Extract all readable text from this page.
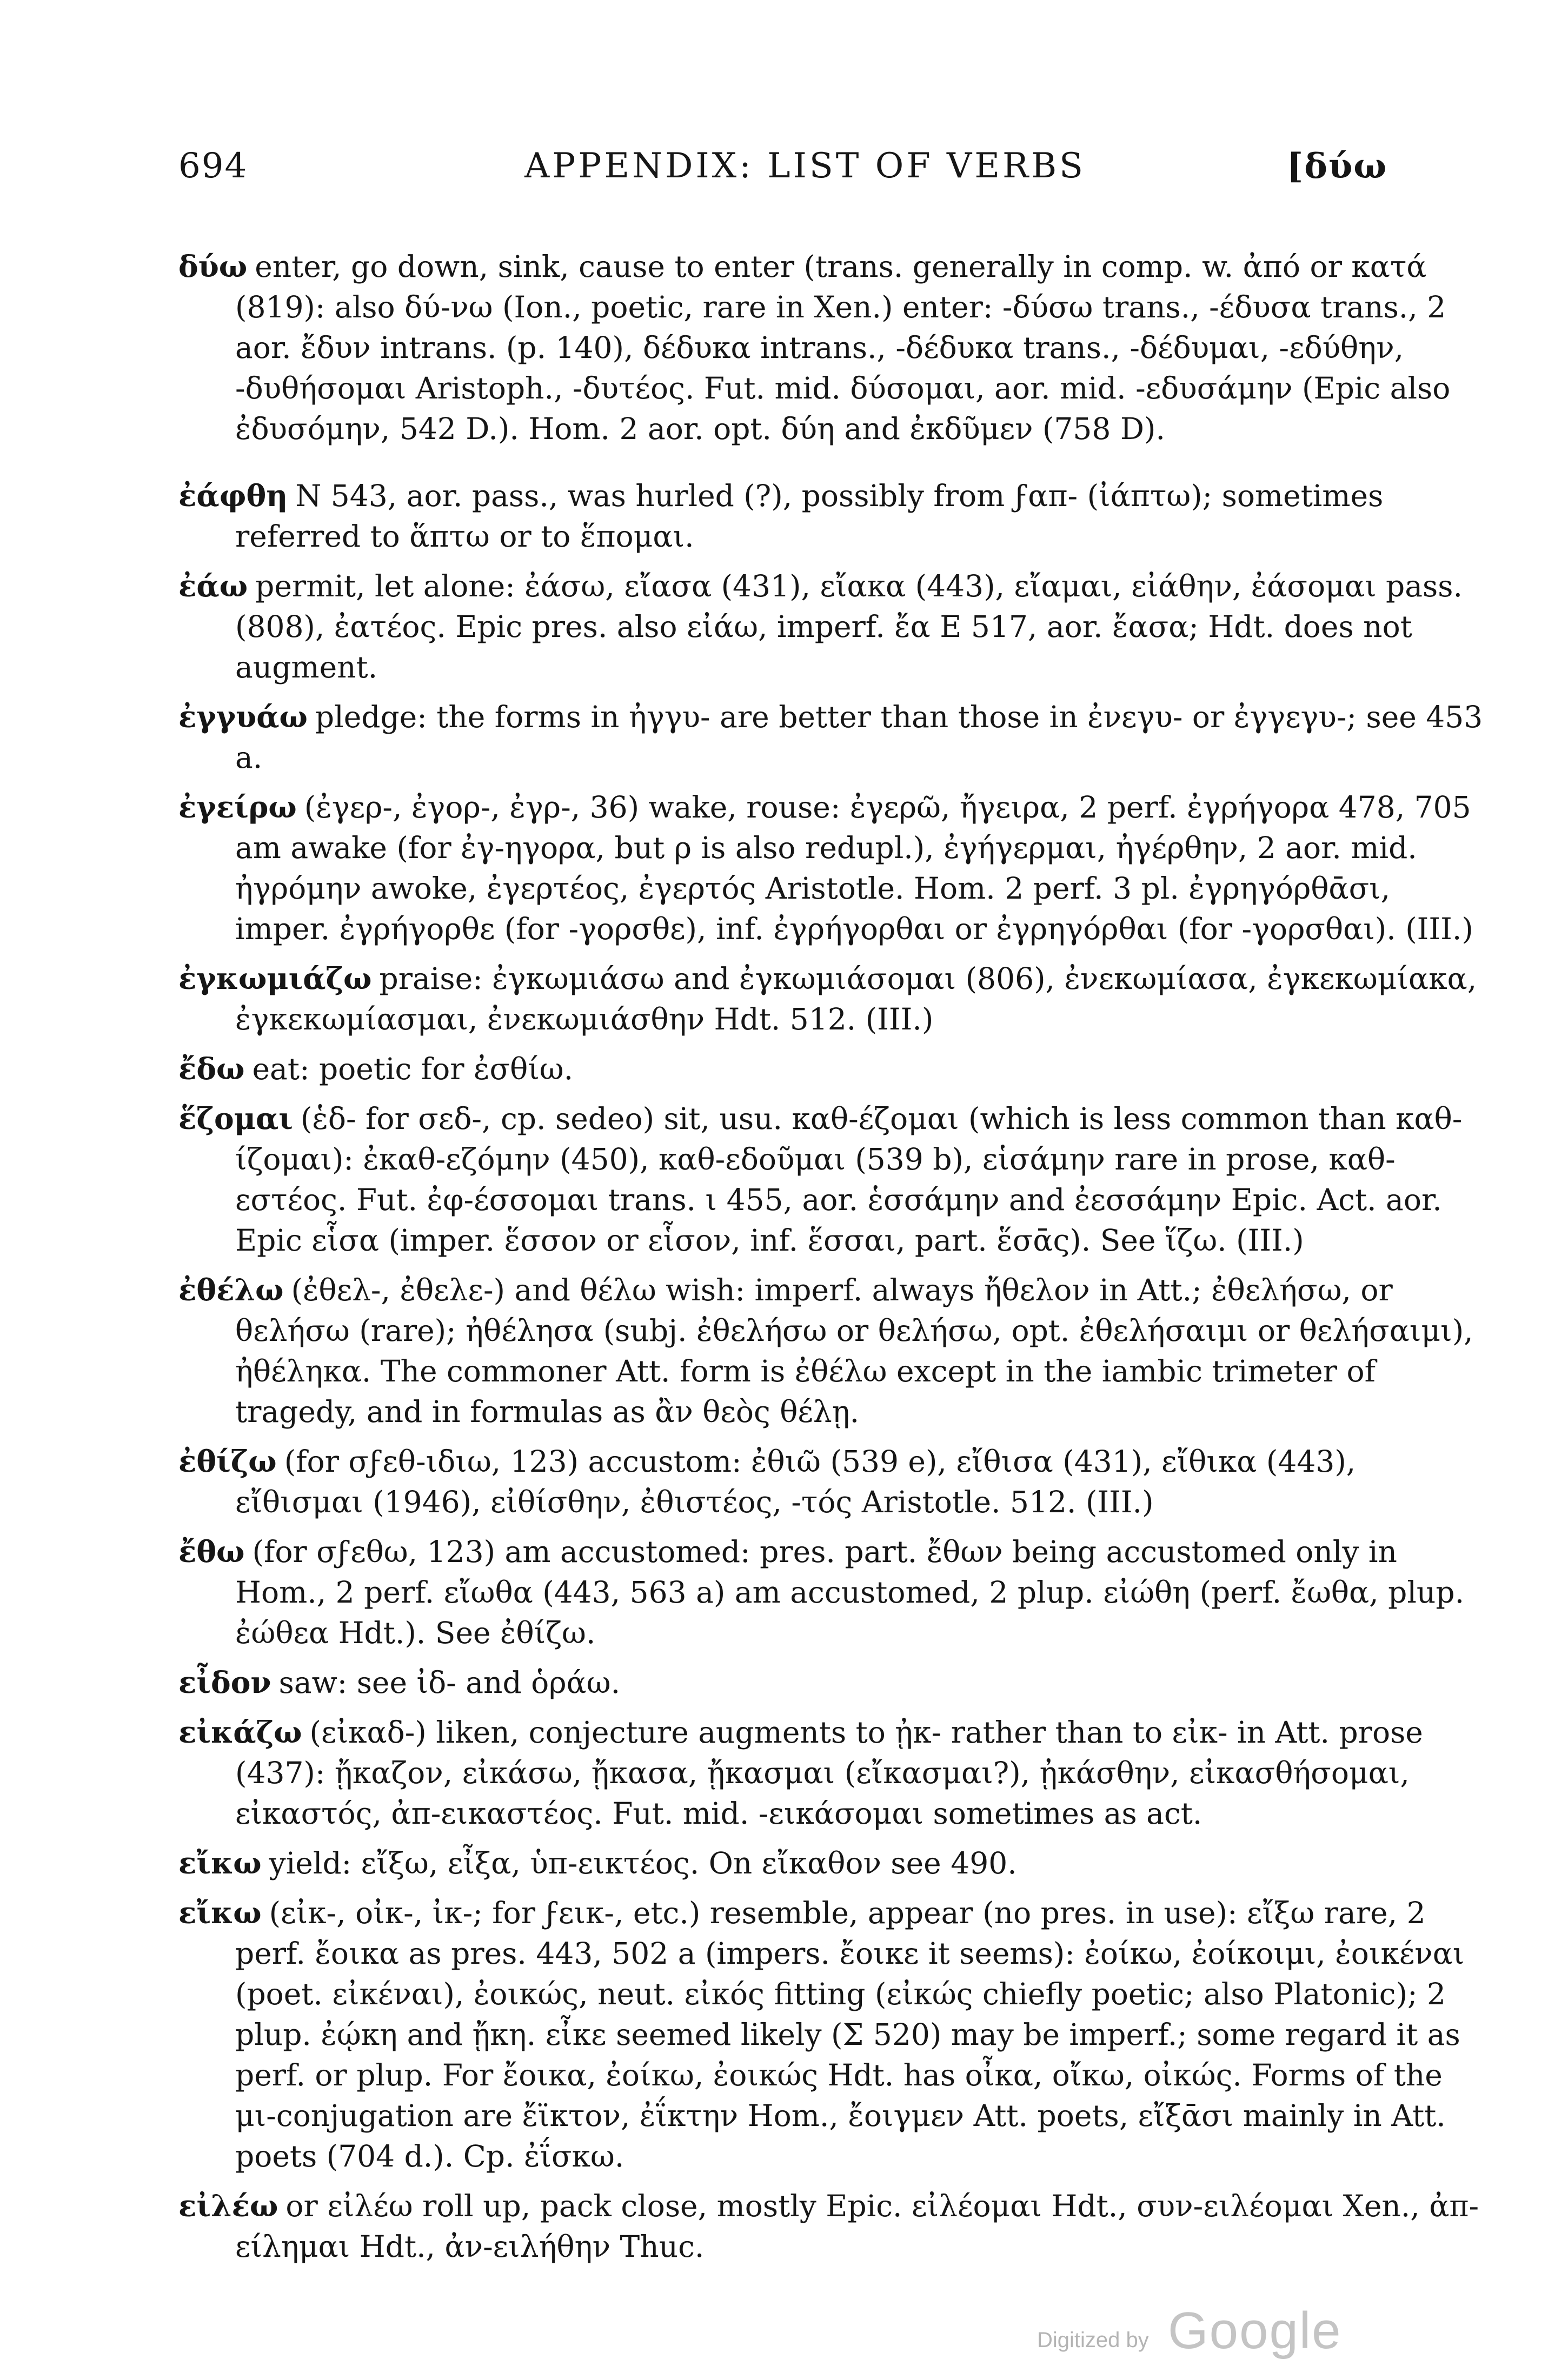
694	APPENDIX: LIST OF VERBS	[δύω

δύω enter, go down, sink, cause to enter (trans. generally in comp. w. ἀπό or κατά (819): also δύ-νω (Ion., poetic, rare in Xen.) enter: -δύσω trans., -έδυσα trans., 2 aor. ἔδυν intrans. (p. 140), δέδυκα intrans., -δέδυκα trans., -δέδυμαι, -εδύθην, -δυθήσομαι Aristoph., -δυτέος. Fut. mid. δύσομαι, aor. mid. -εδυσάμην (Epic also ἐδυσόμην, 542 D.). Hom. 2 aor. opt. δύη and ἐκδῦμεν (758 D).

ἐάφθη N 543, aor. pass., was hurled (?), possibly from ϝαπ- (ἰάπτω); sometimes referred to ἅπτω or to ἕπομαι.

ἐάω permit, let alone: ἐάσω, εἴασα (431), εἴακα (443), εἴαμαι, εἰάθην, ἐάσομαι pass. (808), ἐατέος. Epic pres. also εἰάω, imperf. ἔα E 517, aor. ἔασα; Hdt. does not augment.

ἐγγυάω pledge: the forms in ἠγγυ- are better than those in ἐνεγυ- or ἐγγεγυ-; see 453 a.

ἐγείρω (ἐγερ-, ἐγορ-, ἐγρ-, 36) wake, rouse: ἐγερῶ, ἤγειρα, 2 perf. ἐγρήγορα 478, 705 am awake (for ἐγ-ηγορα, but ρ is also redupl.), ἐγήγερμαι, ἠγέρθην, 2 aor. mid. ἠγρόμην awoke, ἐγερτέος, ἐγερτός Aristotle. Hom. 2 perf. 3 pl. ἐγρηγόρθᾱσι, imper. ἐγρήγορθε (for -γορσθε), inf. ἐγρήγορθαι or ἐγρηγόρθαι (for -γορσθαι). (III.)

ἐγκωμιάζω praise: ἐγκωμιάσω and ἐγκωμιάσομαι (806), ἐνεκωμίασα, ἐγκεκωμίακα, ἐγκεκωμίασμαι, ἐνεκωμιάσθην Hdt. 512. (III.)

ἔδω eat: poetic for ἐσθίω.

ἕζομαι (ἑδ- for σεδ-, cp. sedeo) sit, usu. καθ-έζομαι (which is less common than καθ-ίζομαι): ἐκαθ-εζόμην (450), καθ-εδοῦμαι (539 b), εἱσάμην rare in prose, καθ-εστέος. Fut. ἐφ-έσσομαι trans. ι 455, aor. ἑσσάμην and ἐεσσάμην Epic. Act. aor. Epic εἷσα (imper. ἕσσον or εἷσον, inf. ἕσσαι, part. ἕσᾱς). See ἵζω. (III.)

ἐθέλω (ἐθελ-, ἐθελε-) and θέλω wish: imperf. always ἤθελον in Att.; ἐθελήσω, or θελήσω (rare); ἠθέλησα (subj. ἐθελήσω or θελήσω, opt. ἐθελήσαιμι or θελήσαιμι), ἠθέληκα. The commoner Att. form is ἐθέλω except in the iambic trimeter of tragedy, and in formulas as ἂν θεὸς θέλῃ.

ἐθίζω (for σϝεθ-ιδιω, 123) accustom: ἐθιῶ (539 e), εἴθισα (431), εἴθικα (443), εἴθισμαι (1946), εἰθίσθην, ἐθιστέος, -τός Aristotle. 512. (III.)

ἔθω (for σϝεθω, 123) am accustomed: pres. part. ἔθων being accustomed only in Hom., 2 perf. εἴωθα (443, 563 a) am accustomed, 2 plup. εἰώθη (perf. ἔωθα, plup. ἐώθεα Hdt.). See ἐθίζω.

εἶδον saw: see ἰδ- and ὁράω.

εἰκάζω (εἰκαδ-) liken, conjecture augments to ᾐκ- rather than to εἰκ- in Att. prose (437): ᾔκαζον, εἰκάσω, ᾔκασα, ᾔκασμαι (εἴκασμαι?), ᾐκάσθην, εἰκασθήσομαι, εἰκαστός, ἀπ-εικαστέος. Fut. mid. -εικάσομαι sometimes as act.

εἴκω yield: εἴξω, εἶξα, ὑπ-εικτέος. On εἴκαθον see 490.

εἴκω (εἰκ-, οἰκ-, ἰκ-; for ϝεικ-, etc.) resemble, appear (no pres. in use): εἴξω rare, 2 perf. ἔοικα as pres. 443, 502 a (impers. ἔοικε it seems): ἐοίκω, ἐοίκοιμι, ἐοικέναι (poet. εἰκέναι), ἐοικώς, neut. εἰκός fitting (εἰκώς chiefly poetic; also Platonic); 2 plup. ἐῴκη and ᾔκη. εἶκε seemed likely (Σ 520) may be imperf.; some regard it as perf. or plup. For ἔοικα, ἐοίκω, ἐοικώς Hdt. has οἶκα, οἴκω, οἰκώς. Forms of the μι-conjugation are ἔϊκτον, ἐΐκτην Hom., ἔοιγμεν Att. poets, εἴξᾱσι mainly in Att. poets (704 d.). Cp. ἐΐσκω.

εἰλέω or εἰλέω roll up, pack close, mostly Epic. εἰλέομαι Hdt., συν-ειλέομαι Xen., ἀπ-είλημαι Hdt., ἀν-ειλήθην Thuc.

Digitized by Google
